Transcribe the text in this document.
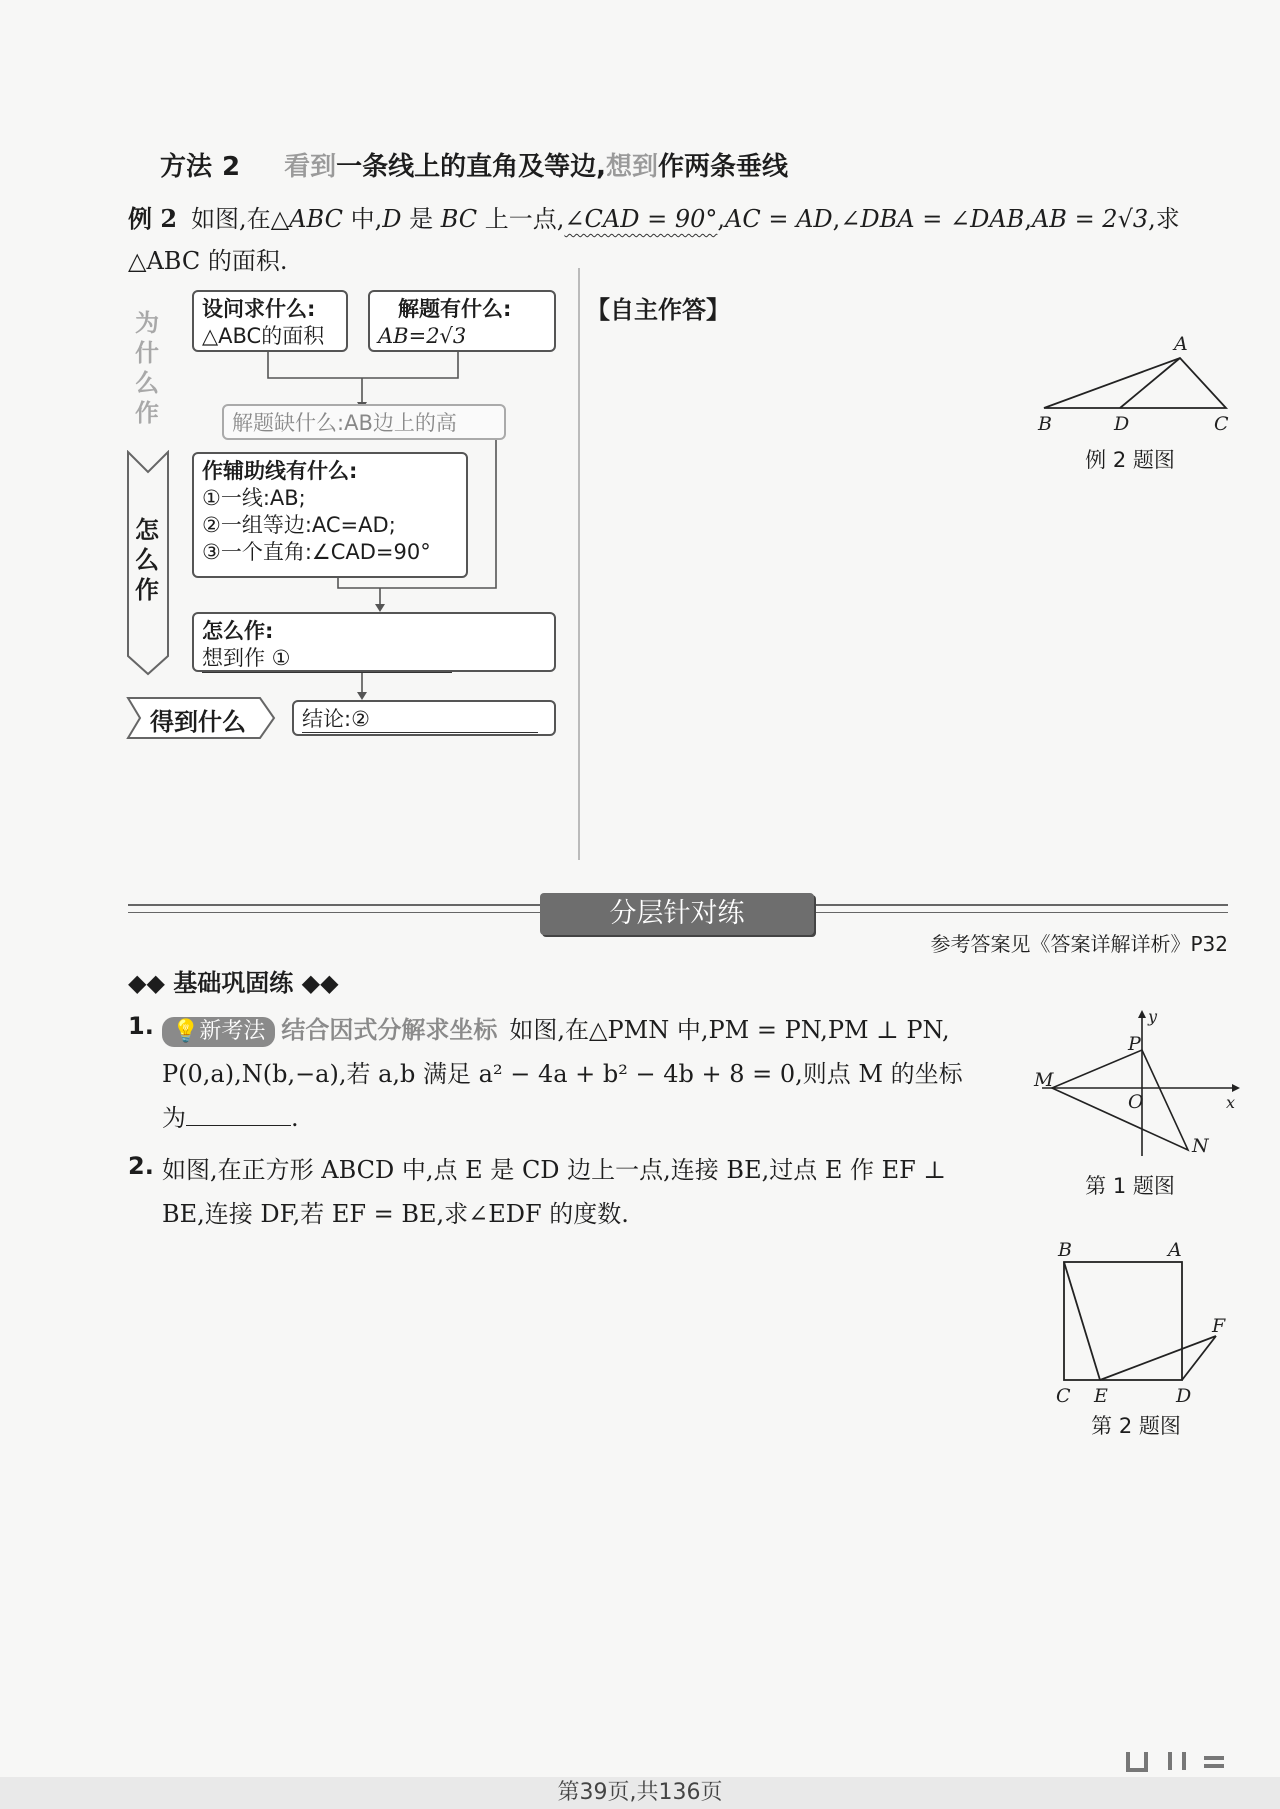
方法 2 看到一条线上的直角及等边,想到作两条垂线
例 2 如图,在△ABC 中,D 是 BC 上一点,∠CAD = 90°,AC = AD,∠DBA = ∠DAB,AB = 2√3,求
△ABC 的面积.
为
什
么
作
怎
么
作
得到什么
设问求什么:
△ABC的面积
解题有什么:
AB=2√3
解题缺什么:AB边上的高
作辅助线有什么:
①一线:AB;
②一组等边:AC=AD;
③一个直角:∠CAD=90°
怎么作:
想到作 ①
结论:②
【自主作答】
A
B	D	C
例 2 题图
分层针对练
参考答案见《答案详解详析》P32
◆◆ 基础巩固练 ◆◆
1. 💡新考法 结合因式分解求坐标 如图,在△PMN 中,PM = PN,PM ⊥ PN,
P(0,a),N(b,−a),若 a,b 满足 a² − 4a + b² − 4b + 8 = 0,则点 M 的坐标
为	.
y
x
P
M
O
N
第 1 题图
2. 如图,在正方形 ABCD 中,点 E 是 CD 边上一点,连接 BE,过点 E 作 EF ⊥
BE,连接 DF,若 EF = BE,求∠EDF 的度数.
B	A
C E	D
F
第 2 题图
第39页,共136页
